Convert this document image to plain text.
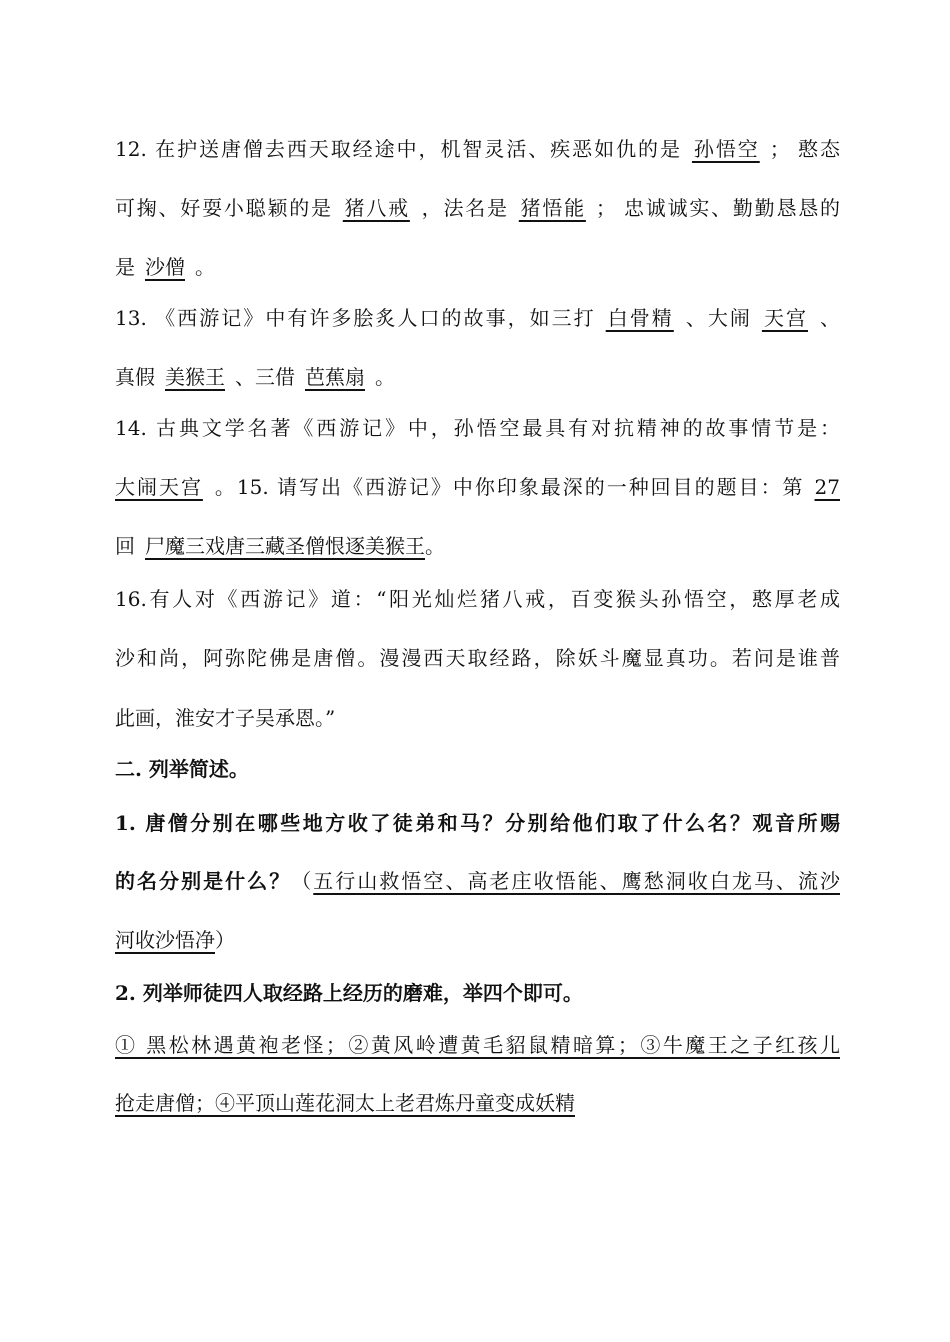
12. 在护送唐僧去西天取经途中，机智灵活、疾恶如仇的是 孙悟空 ； 憨态
可掬、好耍小聪颖的是 猪八戒 ，法名是 猪悟能 ； 忠诚诚实、勤勤恳恳的
是 沙僧 。
13. 《西游记》中有许多脍炙人口的故事，如三打 白骨精 、大闹 天宫 、
真假 美猴王 、三借 芭蕉扇 。
14. 古典文学名著《西游记》中，孙悟空最具有对抗精神的故事情节是：
大闹天宫 。15. 请写出《西游记》中你印象最深的一种回目的题目：第 27
回 尸魔三戏唐三藏圣僧恨逐美猴王。
16.有人对《西游记》道：“阳光灿烂猪八戒，百变猴头孙悟空，憨厚老成
沙和尚，阿弥陀佛是唐僧。漫漫西天取经路，除妖斗魔显真功。若问是谁普
此画，淮安才子吴承恩。”
二. 列举简述。
1. 唐僧分别在哪些地方收了徒弟和马？分别给他们取了什么名？观音所赐
的名分别是什么？（五行山救悟空、高老庄收悟能、鹰愁洞收白龙马、流沙
河收沙悟净）
2. 列举师徒四人取经路上经历的磨难，举四个即可。
① 黑松林遇黄袍老怪；②黄风岭遭黄毛貂鼠精暗算；③牛魔王之子红孩儿
抢走唐僧；④平顶山莲花洞太上老君炼丹童变成妖精
